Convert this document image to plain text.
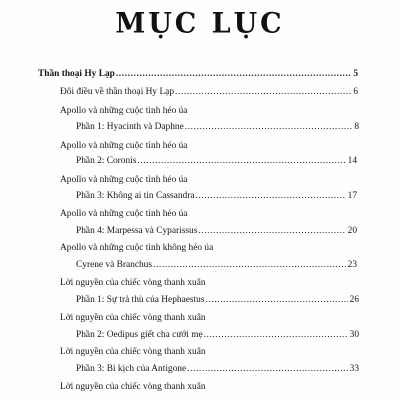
MỤC LỤC
Thần thoại Hy Lạp .....	5
Đôi điều về thần thoại Hy Lạp .....	6
Apollo và những cuộc tình héo úa
Phần 1: Hyacinth và Daphne .....	8
Apollo và những cuộc tình héo úa
Phần 2: Coronis .....	14
Apollo và những cuộc tình héo úa
Phần 3: Không ai tin Cassandra .....	17
Apollo và những cuộc tình héo úa
Phần 4: Marpessa và Cyparissus .....	20
Apollo và những cuộc tình không héo úa
Cyrene và Branchus .....	23
Lời nguyền của chiếc vòng thanh xuân
Phần 1: Sự trả thù của Hephaestus .....	26
Lời nguyền của chiếc vòng thanh xuân
Phần 2: Oedipus giết cha cưới mẹ .....	30
Lời nguyền của chiếc vòng thanh xuân
Phần 3: Bi kịch của Antigone .....	33
Lời nguyền của chiếc vòng thanh xuân
